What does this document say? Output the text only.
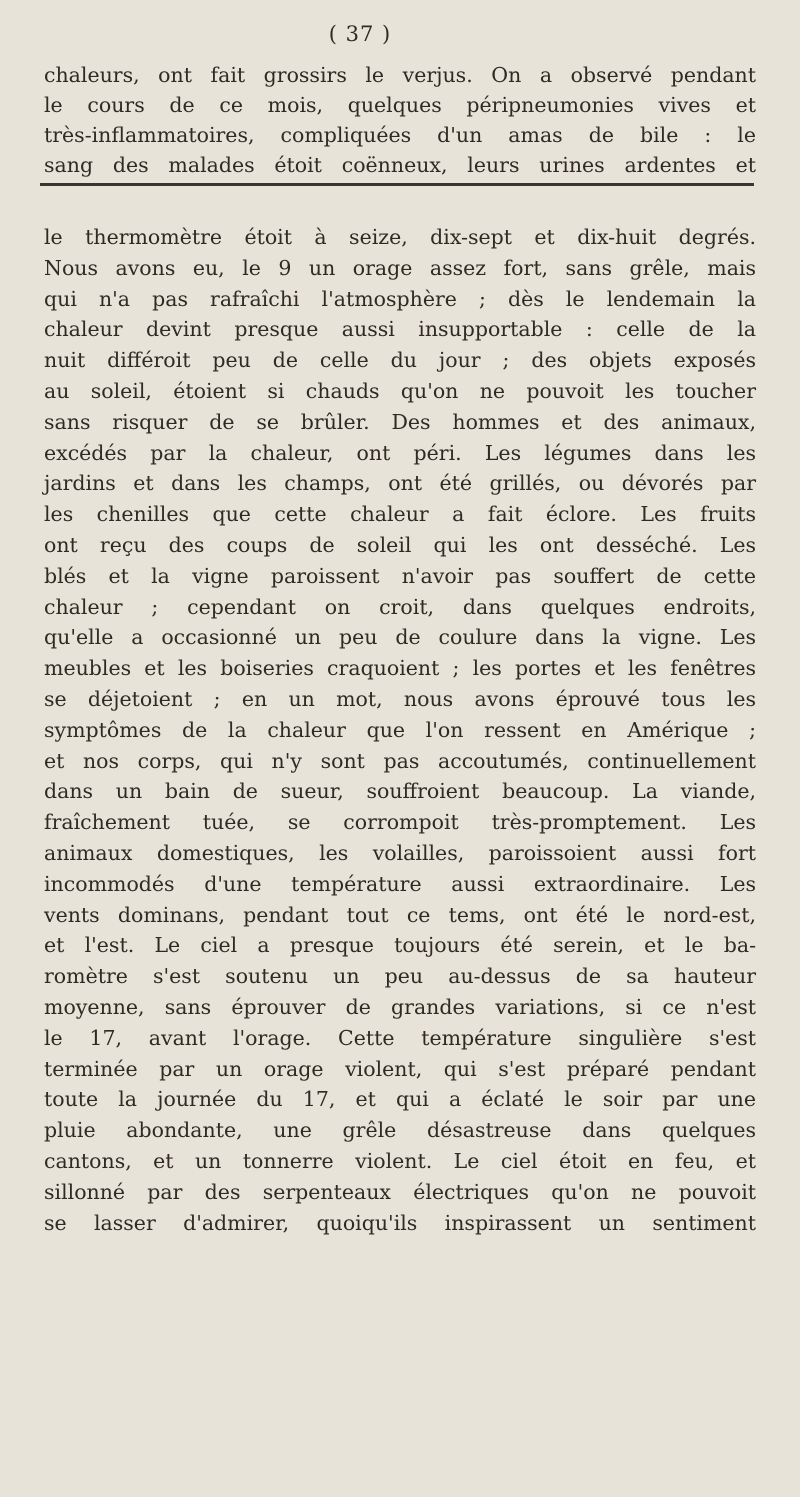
( 37 )
chaleurs, ont fait grossirs le verjus. On a observé pendant
le cours de ce mois, quelques péripneumonies vives et
très-inflammatoires, compliquées d'un amas de bile : le
sang des malades étoit coënneux, leurs urines ardentes et
le thermomètre étoit à seize, dix-sept et dix-huit degrés.
Nous avons eu, le 9 un orage assez fort, sans grêle, mais
qui n'a pas rafraîchi l'atmosphère ; dès le lendemain la
chaleur devint presque aussi insupportable : celle de la
nuit différoit peu de celle du jour ; des objets exposés
au soleil, étoient si chauds qu'on ne pouvoit les toucher
sans risquer de se brûler. Des hommes et des animaux,
excédés par la chaleur, ont péri. Les légumes dans les
jardins et dans les champs, ont été grillés, ou dévorés par
les chenilles que cette chaleur a fait éclore. Les fruits
ont reçu des coups de soleil qui les ont desséché. Les
blés et la vigne paroissent n'avoir pas souffert de cette
chaleur ; cependant on croit, dans quelques endroits,
qu'elle a occasionné un peu de coulure dans la vigne. Les
meubles et les boiseries craquoient ; les portes et les fenêtres
se déjetoient ; en un mot, nous avons éprouvé tous les
symptômes de la chaleur que l'on ressent en Amérique ;
et nos corps, qui n'y sont pas accoutumés, continuellement
dans un bain de sueur, souffroient beaucoup. La viande,
fraîchement tuée, se corrompoit très-promptement. Les
animaux domestiques, les volailles, paroissoient aussi fort
incommodés d'une température aussi extraordinaire. Les
vents dominans, pendant tout ce tems, ont été le nord-est,
et l'est. Le ciel a presque toujours été serein, et le ba-
romètre s'est soutenu un peu au-dessus de sa hauteur
moyenne, sans éprouver de grandes variations, si ce n'est
le 17, avant l'orage. Cette température singulière s'est
terminée par un orage violent, qui s'est préparé pendant
toute la journée du 17, et qui a éclaté le soir par une
pluie abondante, une grêle désastreuse dans quelques
cantons, et un tonnerre violent. Le ciel étoit en feu, et
sillonné par des serpenteaux électriques qu'on ne pouvoit
se lasser d'admirer, quoiqu'ils inspirassent un sentiment
